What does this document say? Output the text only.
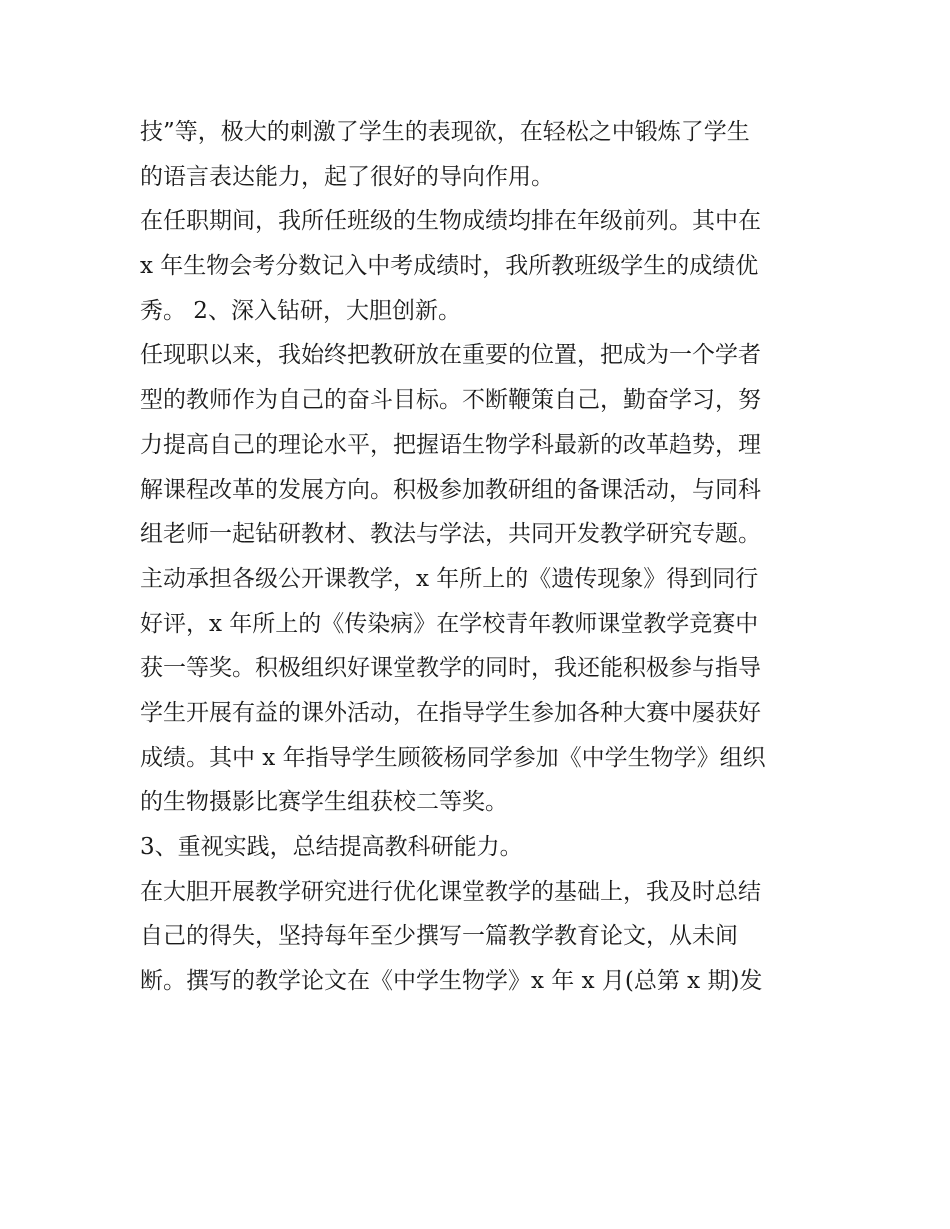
技”等，极大的刺激了学生的表现欲，在轻松之中锻炼了学生
的语言表达能力，起了很好的导向作用。
在任职期间，我所任班级的生物成绩均排在年级前列。其中在
x 年生物会考分数记入中考成绩时，我所教班级学生的成绩优
秀。 2、深入钻研，大胆创新。
任现职以来，我始终把教研放在重要的位置，把成为一个学者
型的教师作为自己的奋斗目标。不断鞭策自己，勤奋学习，努
力提高自己的理论水平，把握语生物学科最新的改革趋势，理
解课程改革的发展方向。积极参加教研组的备课活动，与同科
组老师一起钻研教材、教法与学法，共同开发教学研究专题。
主动承担各级公开课教学，x 年所上的《遗传现象》得到同行
好评，x 年所上的《传染病》在学校青年教师课堂教学竞赛中
获一等奖。积极组织好课堂教学的同时，我还能积极参与指导
学生开展有益的课外活动，在指导学生参加各种大赛中屡获好
成绩。其中 x 年指导学生顾筱杨同学参加《中学生物学》组织
的生物摄影比赛学生组获校二等奖。
3、重视实践，总结提高教科研能力。
在大胆开展教学研究进行优化课堂教学的基础上，我及时总结
自己的得失，坚持每年至少撰写一篇教学教育论文，从未间
断。撰写的教学论文在《中学生物学》x 年 x 月(总第 x 期)发
